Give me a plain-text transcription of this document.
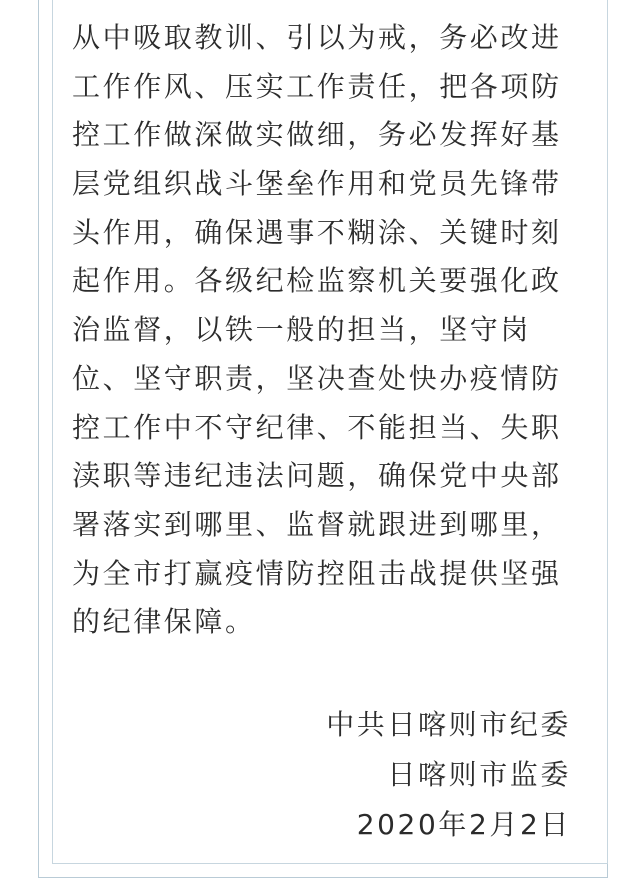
从中吸取教训、引以为戒，务必改进
工作作风、压实工作责任，把各项防
控工作做深做实做细，务必发挥好基
层党组织战斗堡垒作用和党员先锋带
头作用，确保遇事不糊涂、关键时刻
起作用。各级纪检监察机关要强化政
治监督，以铁一般的担当，坚守岗
位、坚守职责，坚决查处快办疫情防
控工作中不守纪律、不能担当、失职
渎职等违纪违法问题，确保党中央部
署落实到哪里、监督就跟进到哪里，
为全市打赢疫情防控阻击战提供坚强
的纪律保障。
中共日喀则市纪委
日喀则市监委
2020年2月2日
